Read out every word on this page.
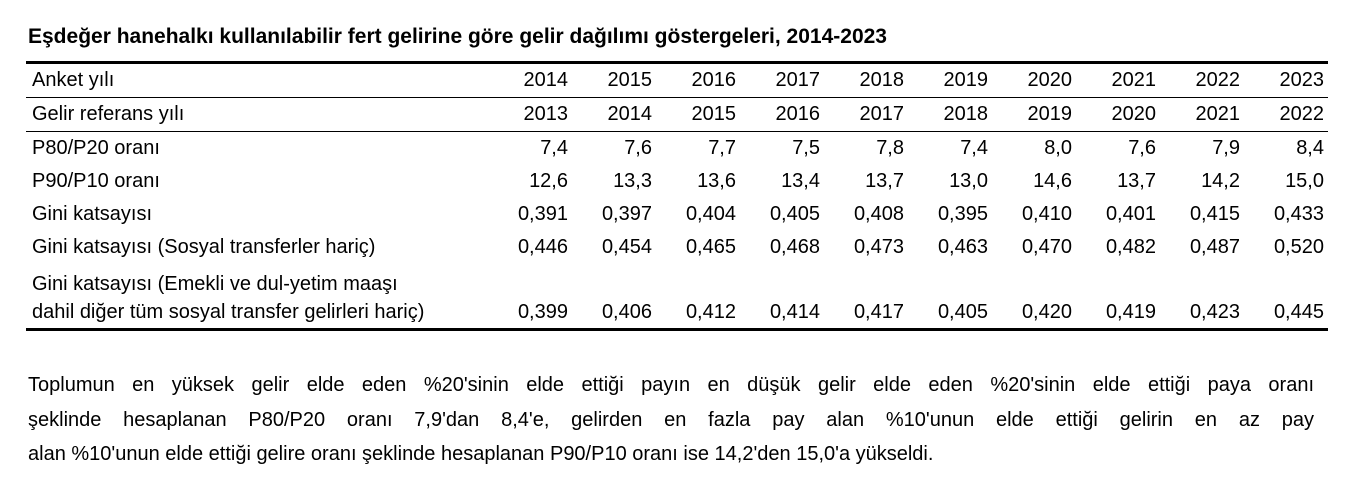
Eşdeğer hanehalkı kullanılabilir fert gelirine göre gelir dağılımı göstergeleri, 2014-2023
Anket yılı	2014	2015	2016	2017	2018	2019	2020	2021	2022	2023
Gelir referans yılı	2013	2014	2015	2016	2017	2018	2019	2020	2021	2022
P80/P20 oranı	7,4	7,6	7,7	7,5	7,8	7,4	8,0	7,6	7,9	8,4
P90/P10 oranı	12,6	13,3	13,6	13,4	13,7	13,0	14,6	13,7	14,2	15,0
Gini katsayısı	0,391	0,397	0,404	0,405	0,408	0,395	0,410	0,401	0,415	0,433
Gini katsayısı (Sosyal transferler hariç)	0,446	0,454	0,465	0,468	0,473	0,463	0,470	0,482	0,487	0,520

Gini katsayısı (Emekli ve dul-yetim maaşı
dahil diğer tüm sosyal transfer gelirleri hariç)	0,399	0,406	0,412	0,414	0,417	0,405	0,420	0,419	0,423	0,445
Toplumun en yüksek gelir elde eden %20'sinin elde ettiği payın en düşük gelir elde eden %20'sinin elde ettiği paya oranı
şeklinde hesaplanan P80/P20 oranı 7,9'dan 8,4'e, gelirden en fazla pay alan %10'unun elde ettiği gelirin en az pay
alan %10'unun elde ettiği gelire oranı şeklinde hesaplanan P90/P10 oranı ise 14,2'den 15,0'a yükseldi.
